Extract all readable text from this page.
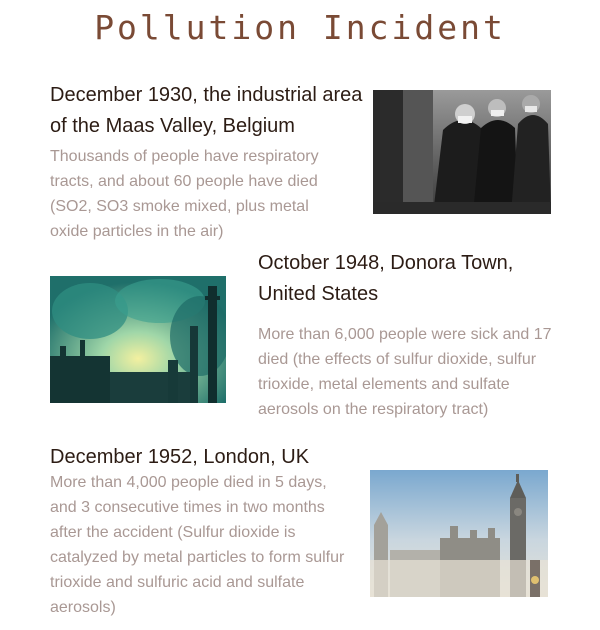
Pollution Incident
December 1930, the industrial area of the Maas Valley, Belgium
Thousands of people have respiratory tracts, and about 60 people have died (SO2, SO3 smoke mixed, plus metal oxide particles in the air)
October 1948, Donora Town, United States
More than 6,000 people were sick and 17 died (the effects of sulfur dioxide, sulfur trioxide, metal elements and sulfate aerosols on the respiratory tract)
December 1952, London, UK
More than 4,000 people died in 5 days, and 3 consecutive times in two months after the accident (Sulfur dioxide is catalyzed by metal particles to form sulfur trioxide and sulfuric acid and sulfate aerosols)
